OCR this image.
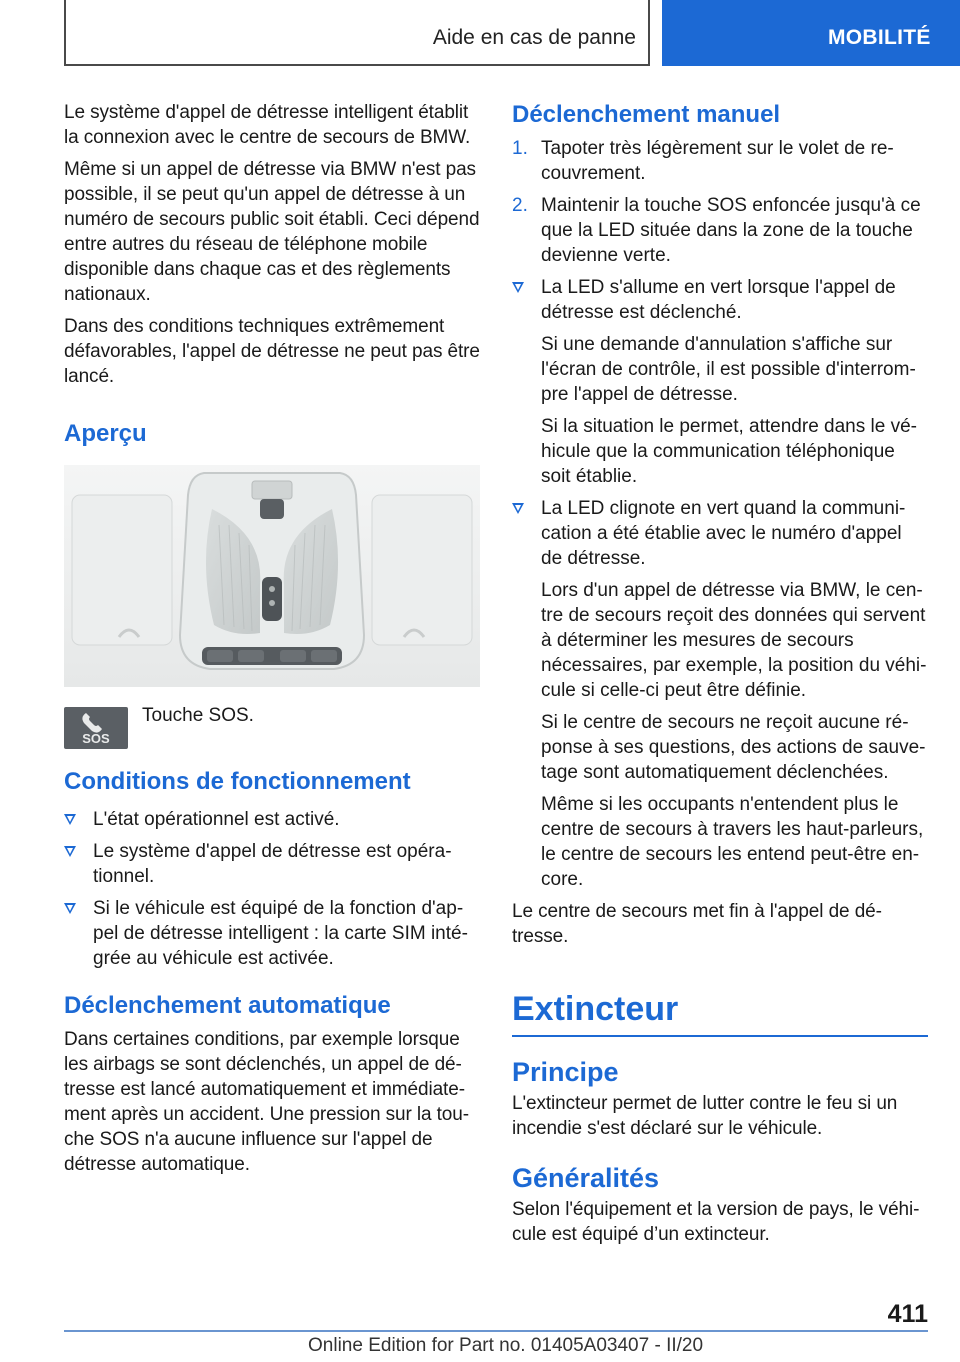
Aide en cas de panne	MOBILITÉ

Le système d'appel de détresse intelligent établit la connexion avec le centre de secours de BMW.

Même si un appel de détresse via BMW n'est pas possible, il se peut qu'un appel de détresse à un numéro de secours public soit établi. Ceci dépend entre autres du réseau de téléphone mobile disponible dans chaque cas et des règlements nationaux.

Dans des conditions techniques extrêmement défavorables, l'appel de détresse ne peut pas être lancé.

Aperçu
SOS
Touche SOS.
Conditions de fonctionnement
L'état opérationnel est activé.
Le système d'appel de détresse est opérationnel.
Si le véhicule est équipé de la fonction d'appel de détresse intelligent : la carte SIM intégrée au véhicule est activée.
Déclenchement automatique

Dans certaines conditions, par exemple lorsque les airbags se sont déclenchés, un appel de détresse est lancé automatiquement et immédiatement après un accident. Une pression sur la touche SOS n'a aucune influence sur l'appel de détresse automatique.

Déclenchement manuel
1. Tapoter très légèrement sur le volet de recouvrement.
2. Maintenir la touche SOS enfoncée jusqu'à ce que la LED située dans la zone de la touche devienne verte.
La LED s'allume en vert lorsque l'appel de détresse est déclenché.
Si une demande d'annulation s'affiche sur l'écran de contrôle, il est possible d'interrompre l'appel de détresse.
Si la situation le permet, attendre dans le véhicule que la communication téléphonique soit établie.
La LED clignote en vert quand la communication a été établie avec le numéro d'appel de détresse.
Lors d'un appel de détresse via BMW, le centre de secours reçoit des données qui servent à déterminer les mesures de secours nécessaires, par exemple, la position du véhicule si celle-ci peut être définie.
Si le centre de secours ne reçoit aucune réponse à ses questions, des actions de sauvetage sont automatiquement déclenchées.
Même si les occupants n'entendent plus le centre de secours à travers les haut-parleurs, le centre de secours les entend peut-être encore.

Le centre de secours met fin à l'appel de détresse.

Extincteur
Principe

L'extincteur permet de lutter contre le feu si un incendie s'est déclaré sur le véhicule.

Généralités

Selon l'équipement et la version de pays, le véhicule est équipé d’un extincteur.

411
Online Edition for Part no. 01405A03407 - II/20
